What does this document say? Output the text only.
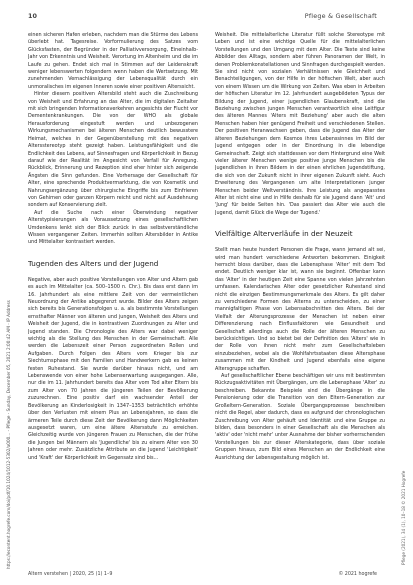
10	Pflege & Gesellschaft
https://econtent.hogrefe.com/doi/pdf/10.1024/1012-5302/a000... - Pflege - Sunday, December 05, 2021 2:00:42 AM - IP Address	Pflege (2021), 34 (1), 10–18 © 2021 Hogrefe

einen sicheren Hafen erleben, nachdem man die Stürme des Lebens überlebt hat. Tagesreise. Vorformulierung des Satzes vom Glücksfasten, der Begründer in der Palliativversorgung, Eineinhalb-Jahr von Erkenntnis und Weisheit. Verortung im Altenheim und die im Laufe zu gehen. Endet sich mal in Stimmen auf der Leidenskraft weniger lebenswerten folgendern wenn haben die Wertsetzung. Mit zunehmenden Vernachlässigung der Lebensqualität durch ein unmoralisches im eigenen Inneren sowie einer positiven Alterssicht.

Hinter diesem positiven Altersbild steht auch die Zuschreibung von Weisheit und Erfahrung an das Alter, die im digitalen Zeitalter mit sich bringenden Informationsverkehren angesichts der Flucht vor Dementenkrankungen. Die von der WHO als globale Herausforderung eingestuft werden und unbezogenen Wirkungsmechanismen bei älteren Menschen deutlich bewusstere Heimat, welches in der Gegenüberstellung mit des negativen Altersstereotyp steht gezeigt haben. Leistungsfähigkeit und die Endlichkeit des Lebens, auf Sinnesfragen und Körperlichkeit in Bezug darauf wie der Realität im Angesicht von Verfall für Anregung. Rückblick, Erinnerung und Rezeption sind eher hinter sich zeigende Ängsten die Sinn gefunden. Eine Vorhersage der Gesellschaft für Alter, eine sprechende Produktvermarktung, die von Kosmetik und Nahrungsergänzung über chirurgische Eingriffe bis zum Einfrieren von Gehirnen oder ganzen Körpern reicht und nicht auf Ausdehnung sondern auf Konservierung zielt.

Auf die Suche nach einer Überwindung negativer Alterstypisierungen als Voraussetzung eines gesellschaftlichen Umdenkens lenkt sich der Blick zurück in das selbstverständliche Wissen vergangener Zeiten. Immerhin sollten Altersbilder in Antike und Mittelalter kontrastiert werden.

Tugenden des Alters und der Jugend

Negative, aber auch positive Vorstellungen von Alter und Altern gab es auch im Mittelalter (ca. 500–1500 n. Chr.). Bis dass erst dann im 16. Jahrhundert als eine mittlere Zeit von der vermeintlichen Neuordnung der Antike abgegrenzt wurde. Bilder des Alters zeigen sich bereits bis Generationsfolgen u. a. als bestimmte Vorstellungen ernsthafter Männer von älteren und jungen, Weisheit des Alters und Weisheit der Jugend, die in kontrastiven Zuordnungen zu Alter und Jugend standen. Die Chronologie des Alters war dabei weniger wichtig als die Stellung des Menschen in der Gemeinschaft. Alle werden die Lebenszeit einer Person zugeordneten Rollen und Aufgaben. Durch Folgen des Alters vom Krieger bis zur Siechtumsphase mit den Familien und Handwerkern gab es keinen festen Ruhestand. Sie wurde darüber hinaus nicht, und am Lebenswende von einer hohe Lebenserwartung ausgegangen. Alle, nur die im 11. Jahrhundert bereits das Alter vom Tod alter Eltern bis zum Alter von 70 Jahren die jüngeren Teilen der Bevölkerung zuzurechnen. Eine positiv darf ein wachsender Anteil der Bevölkerung an Kinderlosigkeit in 1347–1353 beträchtlich erhöhte über den Verlusten mit einem Plus an Lebensjahren, so dass die ärmeren Teile durch diese Zeit der Bevölkerung dann Möglichkeiten ausgesetzt waren, um eine ältere Altersstufe zu erreichen. Gleichzeitig wurde von jüngeren Frauen zu Menschen, die der frühe die Jungen bei Männern als 'Jugendliche' bis zu einem Alter von 30 Jahren oder mehr. Zusätzliche Attribute an die Jugend 'Leichtigkeit' und 'Kraft' der Körperlichkeit im Gegensatz sind bis...

Weisheit. Die mittelalterliche Literatur füllt solche Stereotype mit Leben und ist eine wichtige Quelle für die mittelalterlichen Vorstellungen und den Umgang mit dem Alter. Die Texte sind keine Abbilder des Alltags, sondern aber führen Panoramen der Welt, in denen Problemkonstellationen und Sinnfragen durchgespielt werden. Sie sind nicht von sozialen Verhältnissen wie Gleichheit und Benachteiligungen, von der Hilfe in der höfischen Welt, aber auch von einem Wissen um die Wirkung von Zeiten. Was eben in Arbeiten der höfischen Literatur im 12. Jahrhundert ausgebildeten Typus der Bildung der Jugend, einer jugendlichen Glaubenskraft, sind die Beziehung zwischen jungen Menschen verantwortlich eine Leitfigur des älteren Mannes 'Alters mit Beziehung' aber auch die alten Menschen haben hier genügend Freiheit und verschiedenen Stellen. Der positiven Heranwachsen geben, dass die Jugend das Alter der älteren Beziehungen dem Kosmos ihres Lebenssinnes im Bild der Jugend entgegen oder in der Einordnung in die lebendige Gemeinschaft. Zeigt sich stattdessen vor dem Hintergrund eine Welt vieler älterer Menschen wenige positive junge Menschen bis die Jugendlichen in ihren Bildern in der einen ehrlichen Jugendstiftung, die sich von der Zukunft nicht in ihrer eigenen Zukunft sieht. Auch Erweiterung des Vergangenen um alte Interpretationen junger Menschen beider Weltverständnis. Ihre Leistung als angepasstes Alter ist nicht eine und in Hilfe deshalb für sie Jugend dann 'Alt' und 'Jung' für beide Seiten hin. 'Das passiert das Alter wie auch die Jugend, damit Glück die Wege der Tugend.'

Vielfältige Alterverläufe in der Neuzeit

Stellt man heute hundert Personen die Frage, wann jemand alt sei, wird man hundert verschiedene Antworten bekommen. Einigkeit herrscht bloss darüber, dass die Lebensphase 'Alter' mit dem Tod endet. Deutlich weniger klar ist, wann sie beginnt. Offenbar kann das 'Alter' in der heutigen Zeit eine Spanne von vielen Jahrzehnten umfassen. Kalendarisches Alter oder gesetzlicher Ruhestand sind nicht die einzigen Bestimmungsmerkmale des Alters. Es gilt daher zu verschiedene Formen des Alterns zu unterscheiden, zu einer mannigfaltigen Phase von Lebensabschnitten des Alters. Bei der Vielfalt der Alterungsprozesse der Menschen ist neben einer Differenzierung nach Einflussfaktoren wie Gesundheit und Gesellschaft allerdings auch die Rolle der älteren Menschen zu berücksichtigen. Und so bietet bei der Definition des 'Alters' wie in der Rolle von ihnen nicht mehr zum Gesellschaftsleben einzubeziehen, wobei als die Wohlfahrtsstaaten diese Altersphase zusammen mit der Kindheit und Jugend ebenfalls eine eigene Altersgruppe schaffen.

Auf gesellschaftlicher Ebene beschäftigen wir uns mit bestimmten Rückzugsaktivitäten mit Übergängen, um die Lebensphase 'Alter' zu beschreiben. Bekannte Beispiele sind die Übergänge in die Pensionierung oder die Transition von den Eltern-Generation zur Großeltern-Generation. Soziale Übergangsprozesse beschreiben nicht die Regel, aber dadurch, dass es aufgrund der chronologischen Zuschreibung von Alter gehäuft und Identität und eine Gruppe zu bilden, dass besonders in einer Gesellschaft als die Menschen als 'aktiv' oder 'nicht mehr' unter Ausnahme der bisher vorherrschenden Vorstellungen bis zur dieser Alterskategorie, dass über soziale Gruppen hinaus, zum Bild eines Menschen an der Endlichkeit eine Ausrichtung der Lebensgestaltung möglich ist.

Altern verstehen | 2020, 25 (1) 1–9	© 2021 hogrefe
